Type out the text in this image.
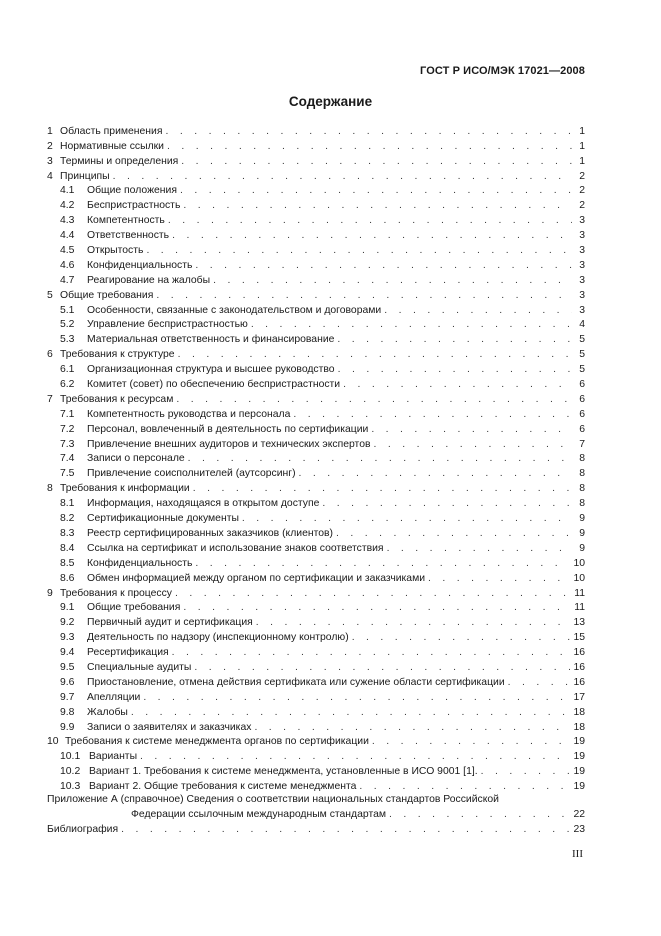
ГОСТ Р ИСО/МЭК 17021—2008
Содержание
1 Область применения . . .	1
2 Нормативные ссылки . . .	1
3 Термины и определения . . .	1
4 Принципы . . .	2
4.1	Общие положения . . .	2
4.2	Беспристрастность . . .	2
4.3	Компетентность . . .	3
4.4	Ответственность . . .	3
4.5	Открытость . . .	3
4.6	Конфиденциальность . . .	3
4.7	Реагирование на жалобы . . .	3
5 Общие требования . . .	3
5.1	Особенности, связанные с законодательством и договорами . . .	3
5.2	Управление беспристрастностью . . .	4
5.3	Материальная ответственность и финансирование . . .	5
6 Требования к структуре . . .	5
6.1	Организационная структура и высшее руководство . . .	5
6.2	Комитет (совет) по обеспечению беспристрастности . . .	6
7 Требования к ресурсам . . .	6
7.1	Компетентность руководства и персонала . . .	6
7.2	Персонал, вовлеченный в деятельность по сертификации . . .	6
7.3	Привлечение внешних аудиторов и технических экспертов . . .	7
7.4	Записи о персонале . . .	8
7.5	Привлечение соисполнителей (аутсорсинг) . . .	8
8 Требования к информации . . .	8
8.1	Информация, находящаяся в открытом доступе . . .	8
8.2	Сертификационные документы . . .	9
8.3	Реестр сертифицированных заказчиков (клиентов) . . .	9
8.4	Ссылка на сертификат и использование знаков соответствия . . .	9
8.5	Конфиденциальность . . .	10
8.6	Обмен информацией между органом по сертификации и заказчиками . . .	10
9 Требования к процессу . . .	11
9.1	Общие требования . . .	11
9.2	Первичный аудит и сертификация . . .	13
9.3	Деятельность по надзору (инспекционному контролю) . . .	15
9.4	Ресертификация . . .	16
9.5	Специальные аудиты . . .	16
9.6	Приостановление, отмена действия сертификата или сужение области сертификации . . .	16
9.7	Апелляции . . .	17
9.8	Жалобы . . .	18
9.9	Записи о заявителях и заказчиках . . .	18
10 Требования к системе менеджмента органов по сертификации . . .	19
10.1 Варианты . . .	19
10.2 Вариант 1. Требования к системе менеджмента, установленные в ИСО 9001 [1]. . . .	19
10.3 Вариант 2. Общие требования к системе менеджмента . . .	19
Приложение А (справочное) Сведения о соответствии национальных стандартов Российской
Федерации ссылочным международным стандартам . . .	22
Библиография . . .	23
III
